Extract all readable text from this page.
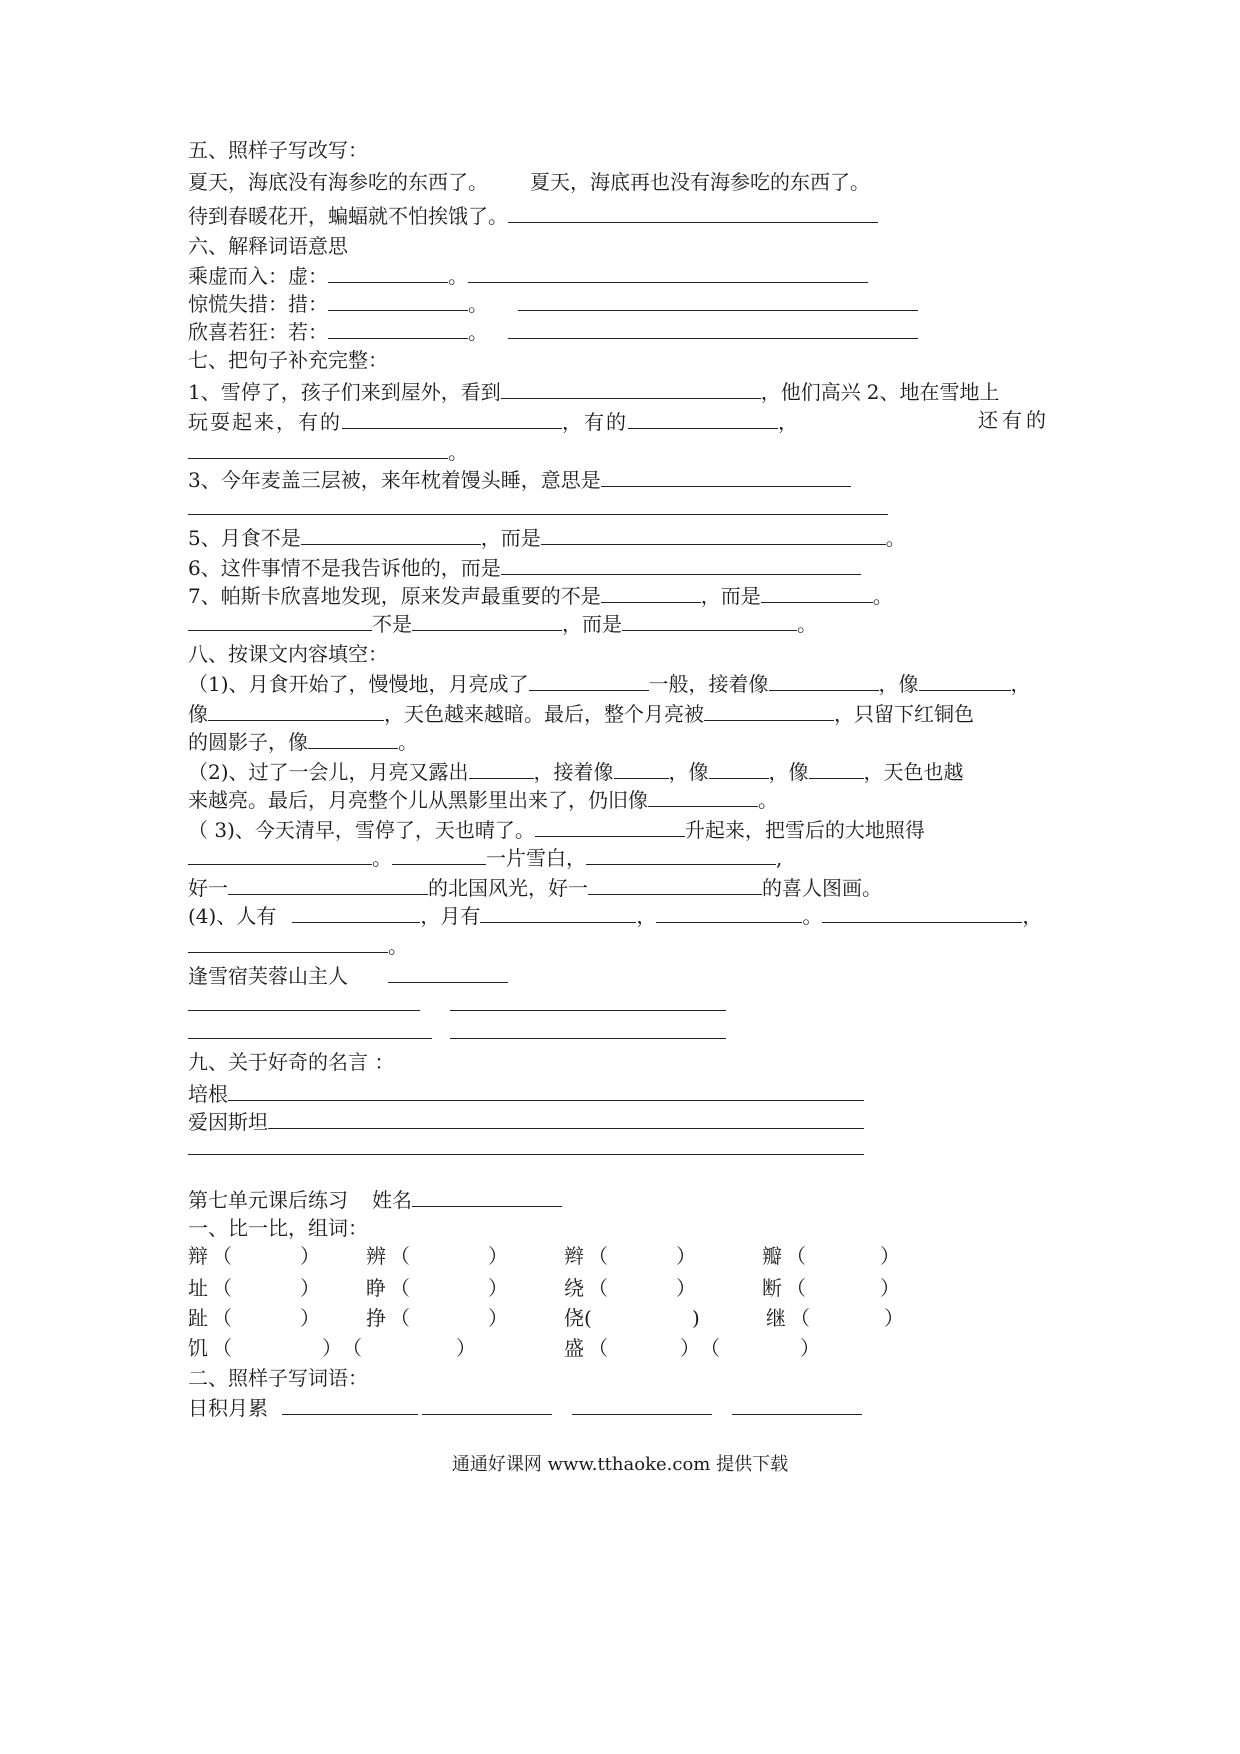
五、照样子写改写：
夏天，海底没有海参吃的东西了。 夏天，海底再也没有海参吃的东西了。
待到春暖花开，蝙蝠就不怕挨饿了。
六、解释词语意思
乘虚而入：虚：	。
惊慌失措：措：	。
欣喜若狂：若：	。
七、把句子补充完整：
1、雪停了，孩子们来到屋外，看到	，他们高兴 2、地在雪地上
玩耍起来，有的	，有的	，	还有的
。
3、今年麦盖三层被，来年枕着馒头睡，意思是
5、月食不是	，而是	。
6、这件事情不是我告诉他的，而是
7、帕斯卡欣喜地发现，原来发声最重要的不是	，而是	。
不是	，而是	。
八、按课文内容填空：
（1)、月食开始了，慢慢地，月亮成了	一般，接着像	，像	，
像	，天色越来越暗。最后，整个月亮被	，只留下红铜色
的圆影子，像	。
（2)、过了一会儿，月亮又露出	，接着像	，像	，像	，天色也越
来越亮。最后，月亮整个儿从黑影里出来了，仍旧像	。
（ 3)、今天清早，雪停了，天也晴了。	升起来，把雪后的大地照得
。	一片雪白，	,
好一	的北国风光，好一	的喜人图画。
(4)、人有	，月有	，	。	，
。
逢雪宿芙蓉山主人
九、关于好奇的名言 ：
培根
爱因斯坦
第七单元课后练习 姓名
一、比一比，组词：
辩 （	） 辨 （	）	辫 （	）	瓣 （	）
址 （	） 睁 （	）	绕 （	）	断 （	）
趾 （	） 挣 （	）	侥 (	)	继 （	）
饥 （	） （	）	盛 （	） （	）
二、照样子写词语：
日积月累
通通好课网 www.tthaoke.com 提供下载
